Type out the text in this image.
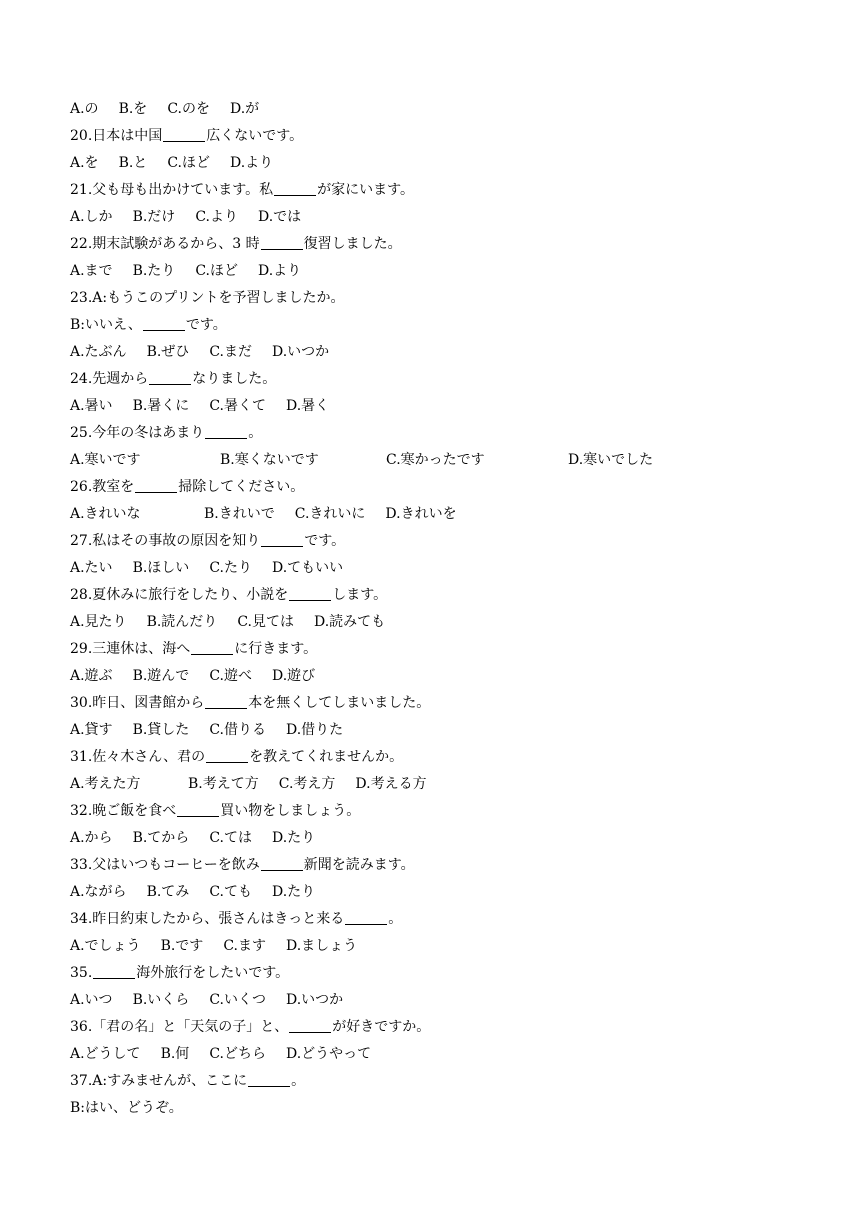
A.の B.を C.のを D.が
20.日本は中国	広くないです。
A.を B.と C.ほど D.より
21.父も母も出かけています。私	が家にいます。
A.しか B.だけ C.より D.では
22.期末試験があるから、3 時	復習しました。
A.まで B.たり C.ほど D.より
23.A:もうこのプリントを予習しましたか。
B:いいえ、	です。
A.たぶん B.ぜひ C.まだ D.いつか
24.先週から	なりました。
A.暑い B.暑くに C.暑くて D.暑く
25.今年の冬はあまり	。
A.寒いです	B.寒くないです	C.寒かったです	D.寒いでした
26.教室を	掃除してください。
A.きれいな	B.きれいで C.きれいに D.きれいを
27.私はその事故の原因を知り	です。
A.たい B.ほしい C.たり D.てもいい
28.夏休みに旅行をしたり、小説を	します。
A.見たり B.読んだり C.見ては D.読みても
29.三連休は、海へ	に行きます。
A.遊ぶ B.遊んで C.遊べ D.遊び
30.昨日、図書館から	本を無くしてしまいました。
A.貸す B.貸した C.借りる D.借りた
31.佐々木さん、君の	を教えてくれませんか。
A.考えた方	B.考えて方 C.考え方 D.考える方
32.晩ご飯を食べ	買い物をしましょう。
A.から B.てから C.ては D.たり
33.父はいつもコーヒーを飲み	新聞を読みます。
A.ながら B.てみ C.ても D.たり
34.昨日約束したから、張さんはきっと来る	。
A.でしょう B.です C.ます D.ましょう
35.	海外旅行をしたいです。
A.いつ B.いくら C.いくつ D.いつか
36.「君の名」と「天気の子」と、	が好きですか。
A.どうして B.何 C.どちら D.どうやって
37.A:すみませんが、ここに	。
B:はい、どうぞ。
